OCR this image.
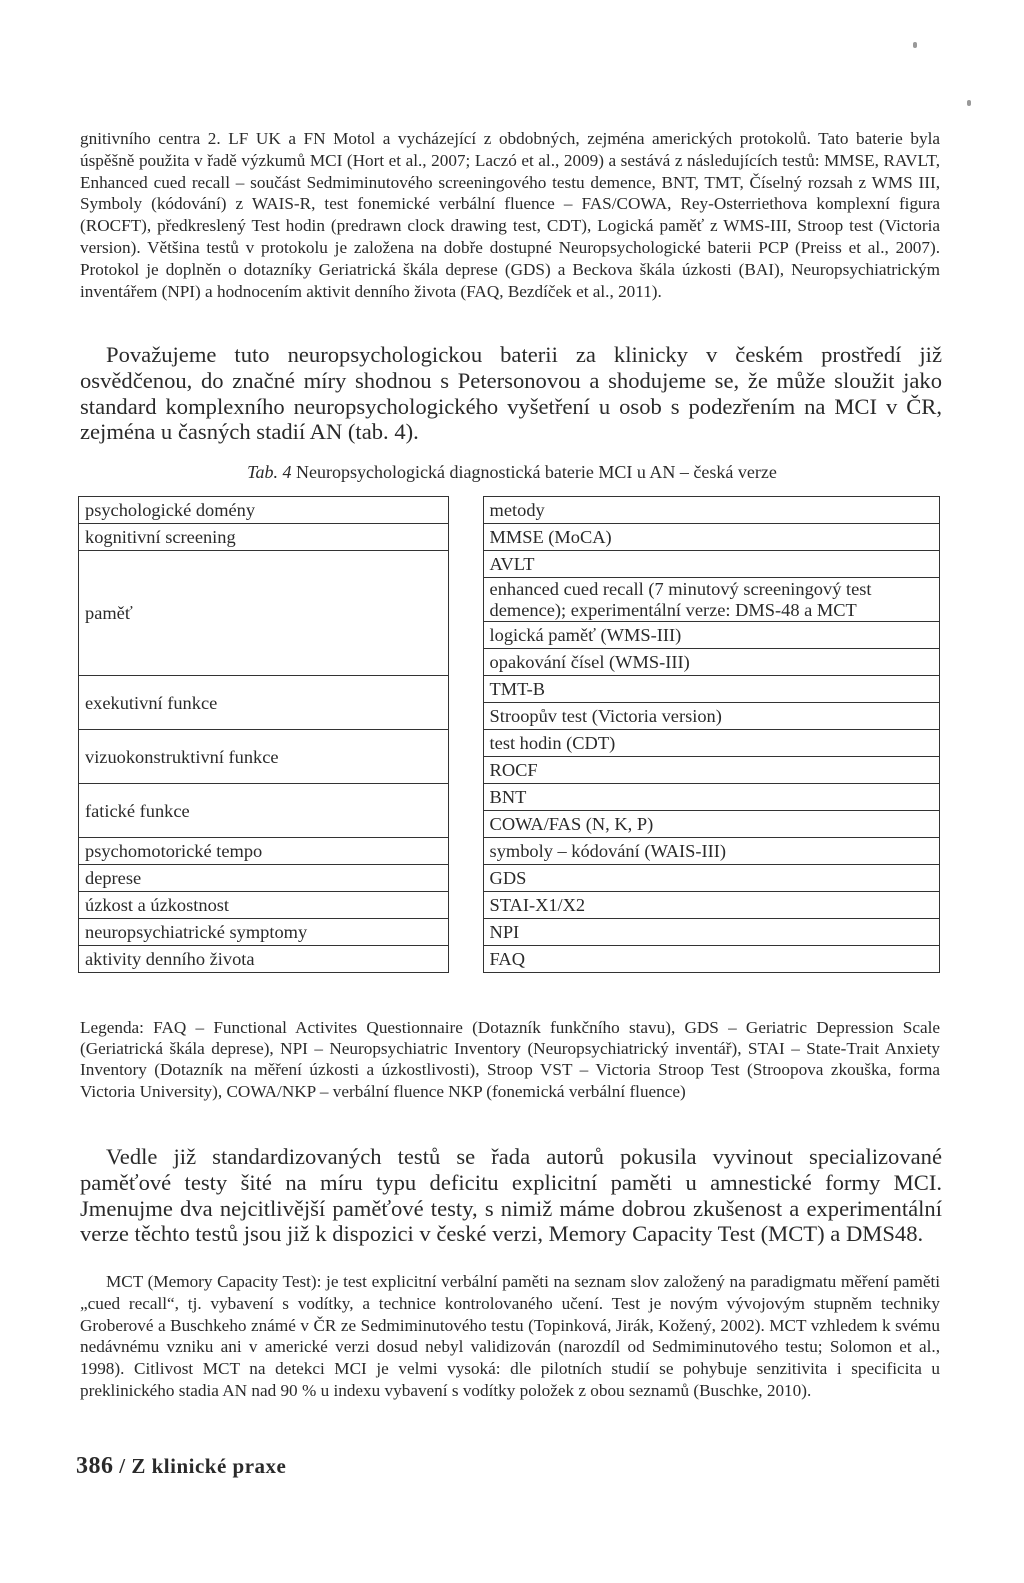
gnitivního centra 2. LF UK a FN Motol a vycházející z obdobných, zejména amerických protokolů. Tato baterie byla úspěšně použita v řadě výzkumů MCI (Hort et al., 2007; Laczó et al., 2009) a sestává z následujících testů: MMSE, RAVLT, Enhanced cued recall – součást Sedmiminutového screeningového testu demence, BNT, TMT, Číselný rozsah z WMS III, Symboly (kódování) z WAIS-R, test fonemické verbální fluence – FAS/COWA, Rey-Osterriethova komplexní figura (ROCFT), předkreslený Test hodin (predrawn clock drawing test, CDT), Logická paměť z WMS-III, Stroop test (Victoria version). Většina testů v protokolu je založena na dobře dostupné Neuropsychologické baterii PCP (Preiss et al., 2007). Protokol je doplněn o dotazníky Geriatrická škála deprese (GDS) a Beckova škála úzkosti (BAI), Neuropsychiatrickým inventářem (NPI) a hodnocením aktivit denního života (FAQ, Bezdíček et al., 2011).

Považujeme tuto neuropsychologickou baterii za klinicky v českém prostředí již osvědčenou, do značné míry shodnou s Petersonovou a shodujeme se, že může sloužit jako standard komplexního neuropsychologického vyšetření u osob s podezřením na MCI v ČR, zejména u časných stadií AN (tab. 4).

Tab. 4 Neuropsychologická diagnostická baterie MCI u AN – česká verze

psychologické domény		metody
kognitivní screening		MMSE (MoCA)
paměť		AVLT
		enhanced cued recall (7 minutový screeningový test demence); experimentální verze: DMS-48 a MCT
		logická paměť (WMS-III)
		opakování čísel (WMS-III)
exekutivní funkce		TMT-B
		Stroopův test (Victoria version)
vizuokonstruktivní funkce		test hodin (CDT)
		ROCF
fatické funkce		BNT
		COWA/FAS (N, K, P)
psychomotorické tempo		symboly – kódování (WAIS-III)
deprese		GDS
úzkost a úzkostnost		STAI-X1/X2
neuropsychiatrické symptomy		NPI
aktivity denního života		FAQ

Legenda: FAQ – Functional Activites Questionnaire (Dotazník funkčního stavu), GDS – Geriatric Depression Scale (Geriatrická škála deprese), NPI – Neuropsychiatric Inventory (Neuropsychiatrický inventář), STAI – State-Trait Anxiety Inventory (Dotazník na měření úzkosti a úzkostlivosti), Stroop VST – Victoria Stroop Test (Stroopova zkouška, forma Victoria University), COWA/NKP – verbální fluence NKP (fonemická verbální fluence)

Vedle již standardizovaných testů se řada autorů pokusila vyvinout specializované paměťové testy šité na míru typu deficitu explicitní paměti u amnestické formy MCI. Jmenujme dva nejcitlivější paměťové testy, s nimiž máme dobrou zkušenost a experimentální verze těchto testů jsou již k dispozici v české verzi, Memory Capacity Test (MCT) a DMS48.

MCT (Memory Capacity Test): je test explicitní verbální paměti na seznam slov založený na paradigmatu měření paměti „cued recall“, tj. vybavení s vodítky, a technice kontrolovaného učení. Test je novým vývojovým stupněm techniky Groberové a Buschkeho známé v ČR ze Sedmiminutového testu (Topinková, Jirák, Kožený, 2002). MCT vzhledem k svému nedávnému vzniku ani v americké verzi dosud nebyl validizován (narozdíl od Sedmiminutového testu; Solomon et al., 1998). Citlivost MCT na detekci MCI je velmi vysoká: dle pilotních studií se pohybuje senzitivita i specificita u preklinického stadia AN nad 90 % u indexu vybavení s vodítky položek z obou seznamů (Buschke, 2010).

386 / Z klinické praxe
